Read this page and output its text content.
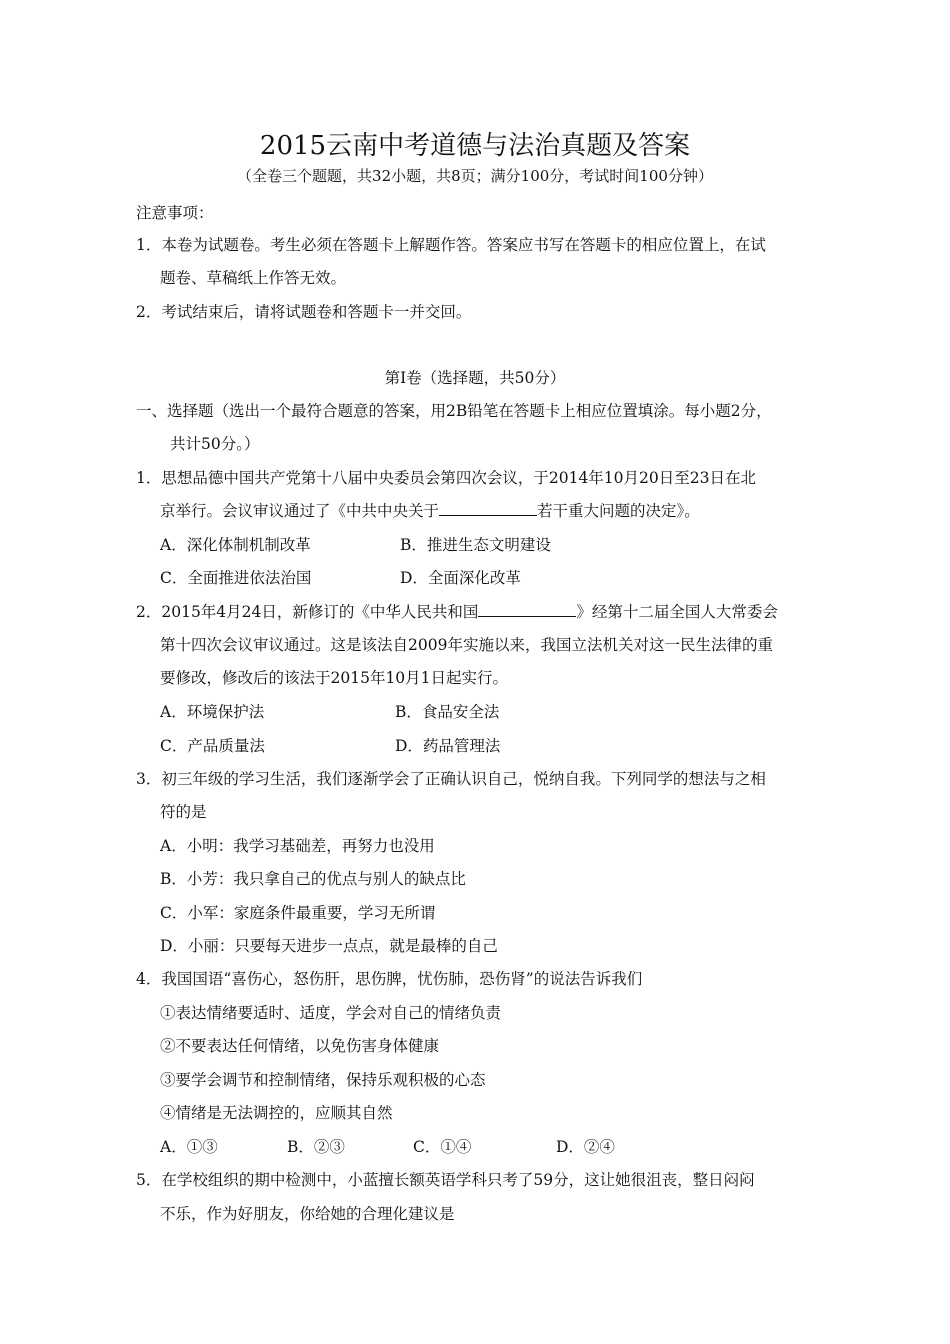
2015云南中考道德与法治真题及答案
（全卷三个题题，共32小题，共8页；满分100分，考试时间100分钟）
注意事项：
1．本卷为试题卷。考生必须在答题卡上解题作答。答案应书写在答题卡的相应位置上，在试
题卷、草稿纸上作答无效。
2．考试结束后，请将试题卷和答题卡一并交回。
第Ⅰ卷（选择题，共50分）
一、选择题（选出一个最符合题意的答案，用2B铅笔在答题卡上相应位置填涂。每小题2分，
共计50分。）
1．思想品德中国共产党第十八届中央委员会第四次会议，于2014年10月20日至23日在北
京举行。会议审议通过了《中共中央关于	若干重大问题的决定》。
A．深化体制机制改革	B．推进生态文明建设
C．全面推进依法治国	D．全面深化改革
2．2015年4月24日，新修订的《中华人民共和国	》经第十二届全国人大常委会
第十四次会议审议通过。这是该法自2009年实施以来，我国立法机关对这一民生法律的重
要修改，修改后的该法于2015年10月1日起实行。
A．环境保护法	B．食品安全法
C．产品质量法	D．药品管理法
3．初三年级的学习生活，我们逐渐学会了正确认识自己，悦纳自我。下列同学的想法与之相
符的是
A．小明：我学习基础差，再努力也没用
B．小芳：我只拿自己的优点与别人的缺点比
C．小军：家庭条件最重要，学习无所谓
D．小丽：只要每天进步一点点，就是最棒的自己
4．我国国语“喜伤心，怒伤肝，思伤脾，忧伤肺，恐伤肾”的说法告诉我们
①表达情绪要适时、适度，学会对自己的情绪负责
②不要表达任何情绪，以免伤害身体健康
③要学会调节和控制情绪，保持乐观积极的心态
④情绪是无法调控的，应顺其自然
A．①③	B．②③	C．①④	D．②④
5．在学校组织的期中检测中，小蓝擅长额英语学科只考了59分，这让她很沮丧，整日闷闷
不乐，作为好朋友，你给她的合理化建议是
